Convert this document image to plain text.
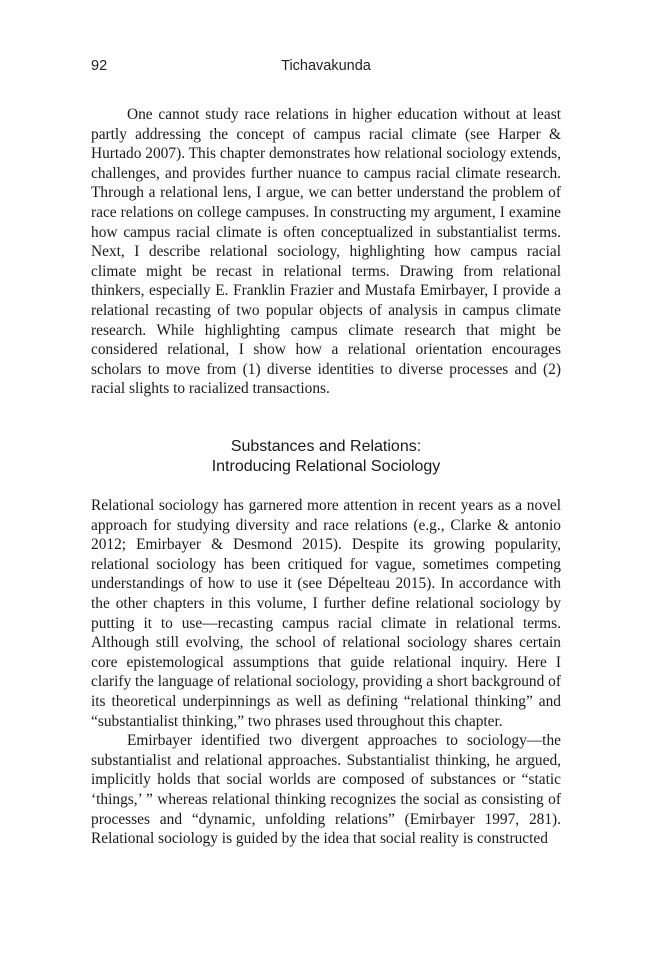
92	Tichavakunda

One cannot study race relations in higher education without at least partly addressing the concept of campus racial climate (see Harper & Hurtado 2007). This chapter demonstrates how relational sociology extends, challenges, and provides further nuance to campus racial climate research. Through a relational lens, I argue, we can better understand the problem of race relations on college campuses. In constructing my argument, I examine how campus racial climate is often conceptualized in substantialist terms. Next, I describe relational sociology, highlighting how campus racial climate might be recast in relational terms. Drawing from relational thinkers, especially E. Franklin Frazier and Mustafa Emirbayer, I provide a relational recasting of two popular objects of analysis in campus climate research. While highlighting campus climate research that might be considered relational, I show how a relational orientation encourages scholars to move from (1) diverse identities to diverse processes and (2) racial slights to racialized transactions.

Substances and Relations:
Introducing Relational Sociology

Relational sociology has garnered more attention in recent years as a novel approach for studying diversity and race relations (e.g., Clarke & antonio 2012; Emirbayer & Desmond 2015). Despite its growing popularity, relational sociology has been critiqued for vague, sometimes competing understandings of how to use it (see Dépelteau 2015). In accordance with the other chapters in this volume, I further define relational sociology by putting it to use—recasting campus racial climate in relational terms. Although still evolving, the school of relational sociology shares certain core epistemological assumptions that guide relational inquiry. Here I clarify the language of relational sociology, providing a short background of its theoretical underpinnings as well as defining “relational thinking” and “substantialist thinking,” two phrases used throughout this chapter.

Emirbayer identified two divergent approaches to sociology—the substantialist and relational approaches. Substantialist thinking, he argued, implicitly holds that social worlds are composed of substances or “static ‘things,’ ” whereas relational thinking recognizes the social as consisting of processes and “dynamic, unfolding relations” (Emirbayer 1997, 281). Relational sociology is guided by the idea that social reality is constructed
